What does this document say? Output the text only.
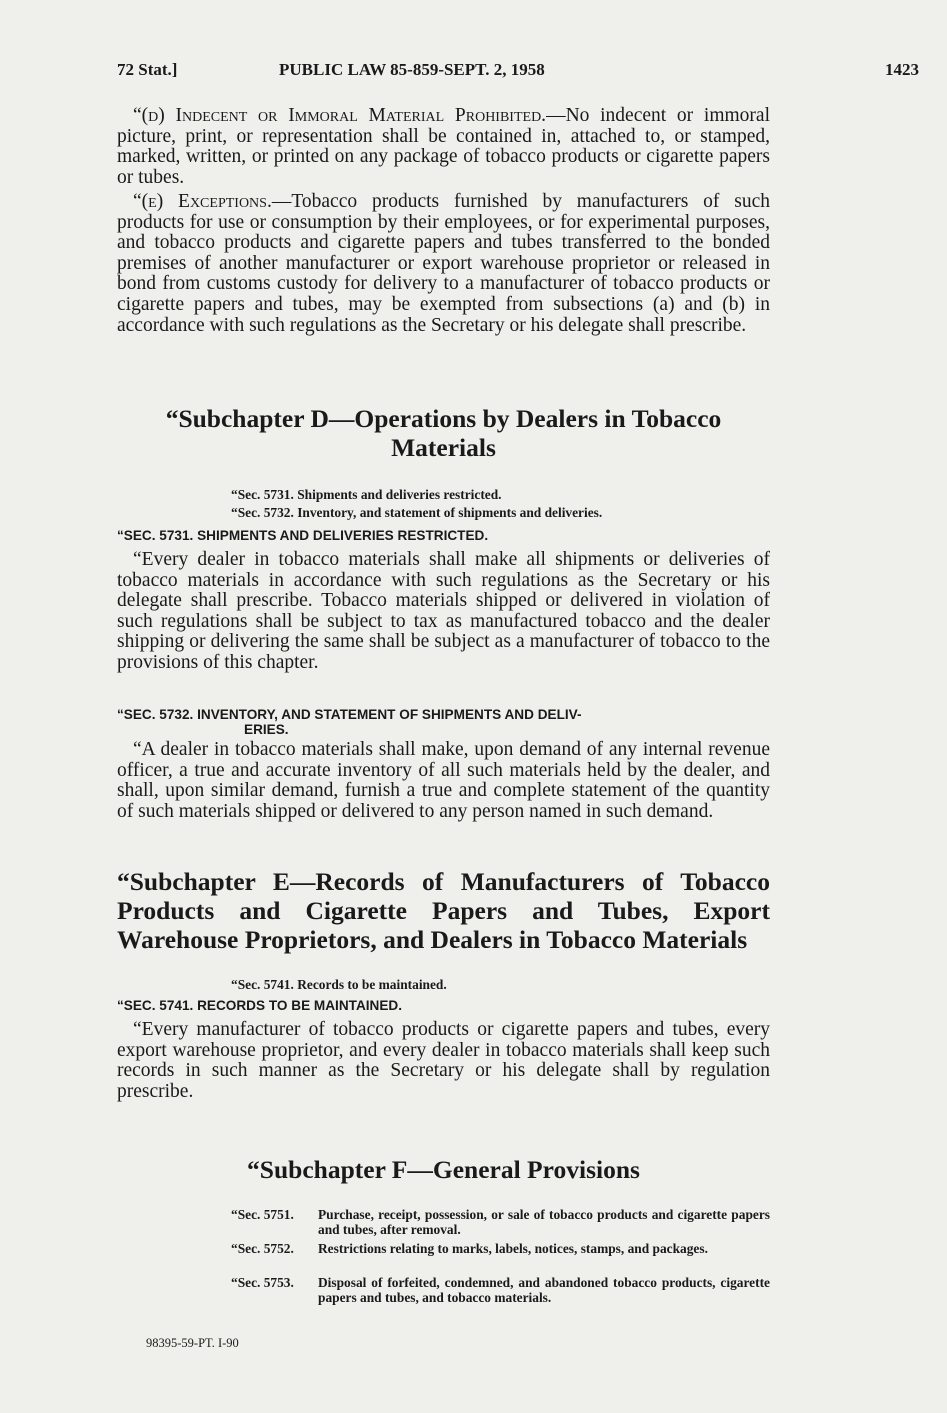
72 Stat.]	PUBLIC LAW 85-859-SEPT. 2, 1958	1423

“(d) Indecent or Immoral Material Prohibited.—No indecent or immoral picture, print, or representation shall be contained in, attached to, or stamped, marked, written, or printed on any package of tobacco products or cigarette papers or tubes.

“(e) Exceptions.—Tobacco products furnished by manufacturers of such products for use or consumption by their employees, or for experimental purposes, and tobacco products and cigarette papers and tubes transferred to the bonded premises of another manufacturer or export warehouse proprietor or released in bond from customs custody for delivery to a manufacturer of tobacco products or cigarette papers and tubes, may be exempted from subsections (a) and (b) in accordance with such regulations as the Secretary or his delegate shall prescribe.

“Subchapter D—Operations by Dealers in Tobacco Materials
“Sec. 5731. Shipments and deliveries restricted.
“Sec. 5732. Inventory, and statement of shipments and deliveries.
“SEC. 5731. SHIPMENTS AND DELIVERIES RESTRICTED.

“Every dealer in tobacco materials shall make all shipments or deliveries of tobacco materials in accordance with such regulations as the Secretary or his delegate shall prescribe. Tobacco materials shipped or delivered in violation of such regulations shall be subject to tax as manufactured tobacco and the dealer shipping or delivering the same shall be subject as a manufacturer of tobacco to the provisions of this chapter.

“SEC. 5732. INVENTORY, AND STATEMENT OF SHIPMENTS AND DELIV-
ERIES.

“A dealer in tobacco materials shall make, upon demand of any internal revenue officer, a true and accurate inventory of all such materials held by the dealer, and shall, upon similar demand, furnish a true and complete statement of the quantity of such materials shipped or delivered to any person named in such demand.

“Subchapter E—Records of Manufacturers of Tobacco Products and Cigarette Papers and Tubes, Export Warehouse Proprietors, and Dealers in Tobacco Materials
“Sec. 5741. Records to be maintained.
“SEC. 5741. RECORDS TO BE MAINTAINED.

“Every manufacturer of tobacco products or cigarette papers and tubes, every export warehouse proprietor, and every dealer in tobacco materials shall keep such records in such manner as the Secretary or his delegate shall by regulation prescribe.

“Subchapter F—General Provisions
“Sec. 5751. Purchase, receipt, possession, or sale of tobacco products and cigarette papers and tubes, after removal.
“Sec. 5752. Restrictions relating to marks, labels, notices, stamps, and packages.
“Sec. 5753. Disposal of forfeited, condemned, and abandoned tobacco products, cigarette papers and tubes, and tobacco materials.
98395-59-PT. I-90
